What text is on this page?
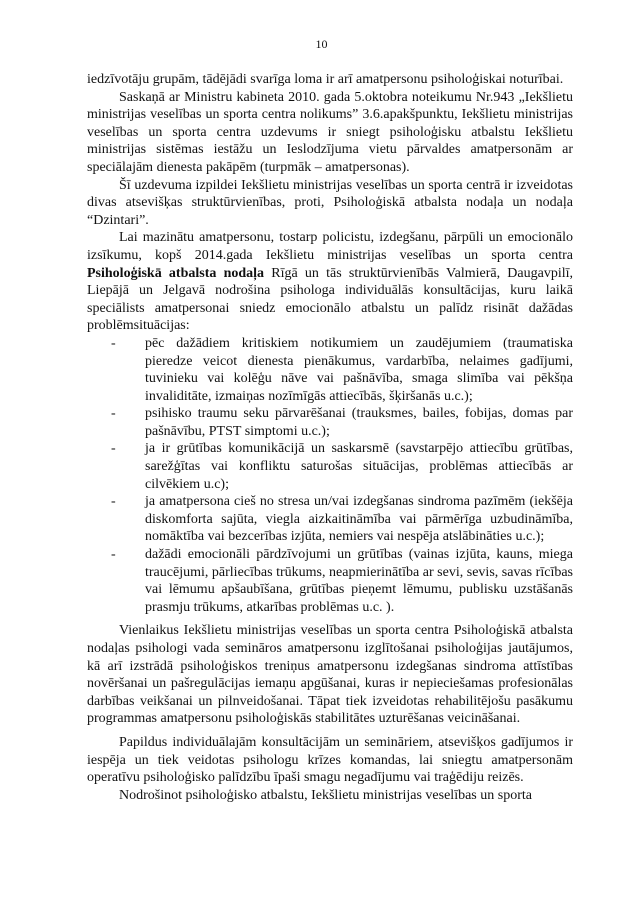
10

iedzīvotāju grupām, tādējādi svarīga loma ir arī amatpersonu psiholoģiskai noturībai.

Saskaņā ar Ministru kabineta 2010. gada 5.oktobra noteikumu Nr.943 „Iekšlietu ministrijas veselības un sporta centra nolikums” 3.6.apakšpunktu, Iekšlietu ministrijas veselības un sporta centra uzdevums ir sniegt psiholoģisku atbalstu Iekšlietu ministrijas sistēmas iestāžu un Ieslodzījuma vietu pārvaldes amatpersonām ar speciālajām dienesta pakāpēm (turpmāk – amatpersonas).

Šī uzdevuma izpildei Iekšlietu ministrijas veselības un sporta centrā ir izveidotas divas atsevišķas struktūrvienības, proti, Psiholoģiskā atbalsta nodaļa un nodaļa “Dzintari”.

Lai mazinātu amatpersonu, tostarp policistu, izdegšanu, pārpūli un emocionālo izsīkumu, kopš 2014.gada Iekšlietu ministrijas veselības un sporta centra Psiholoģiskā atbalsta nodaļa Rīgā un tās struktūrvienībās Valmierā, Daugavpilī, Liepājā un Jelgavā nodrošina psihologa individuālās konsultācijas, kuru laikā speciālists amatpersonai sniedz emocionālo atbalstu un palīdz risināt dažādas problēmsituācijas:

- pēc dažādiem kritiskiem notikumiem un zaudējumiem (traumatiska pieredze veicot dienesta pienākumus, vardarbība, nelaimes gadījumi, tuvinieku vai kolēģu nāve vai pašnāvība, smaga slimība vai pēkšņa invaliditāte, izmaiņas nozīmīgās attiecībās, šķiršanās u.c.);
- psihisko traumu seku pārvarēšanai (trauksmes, bailes, fobijas, domas par pašnāvību, PTST simptomi u.c.);
- ja ir grūtības komunikācijā un saskarsmē (savstarpējo attiecību grūtības, sarežģītas vai konfliktu saturošas situācijas, problēmas attiecībās ar cilvēkiem u.c);
- ja amatpersona cieš no stresa un/vai izdegšanas sindroma pazīmēm (iekšēja diskomforta sajūta, viegla aizkaitināmība vai pārmērīga uzbudināmība, nomāktība vai bezcerības izjūta, nemiers vai nespēja atslābināties u.c.);
- dažādi emocionāli pārdzīvojumi un grūtības (vainas izjūta, kauns, miega traucējumi, pārliecības trūkums, neapmierinātība ar sevi, sevis, savas rīcības vai lēmumu apšaubīšana, grūtības pieņemt lēmumu, publisku uzstāšanās prasmju trūkums, atkarības problēmas u.c. ).

Vienlaikus Iekšlietu ministrijas veselības un sporta centra Psiholoģiskā atbalsta nodaļas psihologi vada semināros amatpersonu izglītošanai psiholoģijas jautājumos, kā arī izstrādā psiholoģiskos treniņus amatpersonu izdegšanas sindroma attīstības novēršanai un pašregulācijas iemaņu apgūšanai, kuras ir nepieciešamas profesionālas darbības veikšanai un pilnveidošanai. Tāpat tiek izveidotas rehabilitējošu pasākumu programmas amatpersonu psiholoģiskās stabilitātes uzturēšanas veicināšanai.

Papildus individuālajām konsultācijām un semināriem, atsevišķos gadījumos ir iespēja un tiek veidotas psihologu krīzes komandas, lai sniegtu amatpersonām operatīvu psiholoģisko palīdzību īpaši smagu negadījumu vai traģēdiju reizēs.

Nodrošinot psiholoģisko atbalstu, Iekšlietu ministrijas veselības un sporta
